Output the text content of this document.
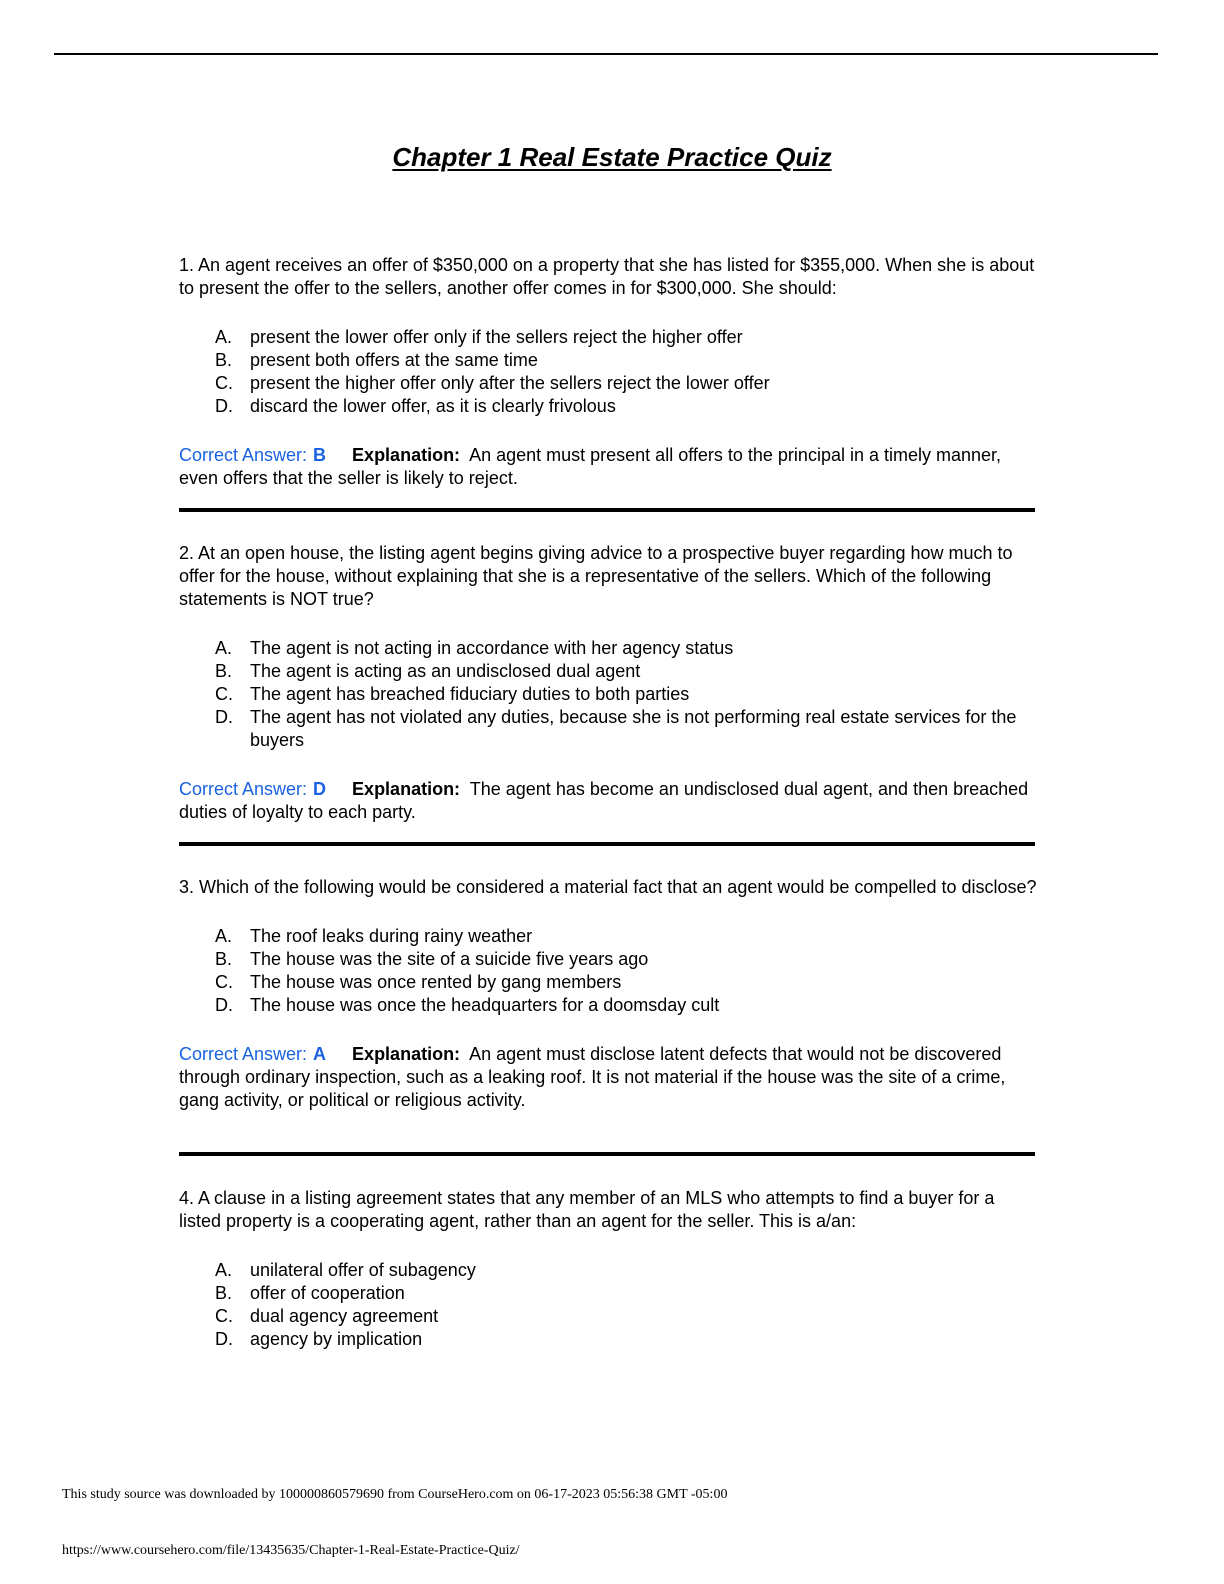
Chapter 1 Real Estate Practice Quiz

1. An agent receives an offer of $350,000 on a property that she has listed for $355,000. When she is about to present the offer to the sellers, another offer comes in for $300,000. She should:

A. present the lower offer only if the sellers reject the higher offer
B. present both offers at the same time
C. present the higher offer only after the sellers reject the lower offer
D. discard the lower offer, as it is clearly frivolous
Correct Answer: B Explanation: An agent must present all offers to the principal in a timely manner, even offers that the seller is likely to reject.

2. At an open house, the listing agent begins giving advice to a prospective buyer regarding how much to offer for the house, without explaining that she is a representative of the sellers. Which of the following statements is NOT true?

A. The agent is not acting in accordance with her agency status
B. The agent is acting as an undisclosed dual agent
C. The agent has breached fiduciary duties to both parties
D. The agent has not violated any duties, because she is not performing real estate services for the buyers
Correct Answer: D Explanation: The agent has become an undisclosed dual agent, and then breached duties of loyalty to each party.

3. Which of the following would be considered a material fact that an agent would be compelled to disclose?

A. The roof leaks during rainy weather
B. The house was the site of a suicide five years ago
C. The house was once rented by gang members
D. The house was once the headquarters for a doomsday cult
Correct Answer: A Explanation: An agent must disclose latent defects that would not be discovered through ordinary inspection, such as a leaking roof. It is not material if the house was the site of a crime, gang activity, or political or religious activity.

4. A clause in a listing agreement states that any member of an MLS who attempts to find a buyer for a listed property is a cooperating agent, rather than an agent for the seller. This is a/an:

A. unilateral offer of subagency
B. offer of cooperation
C. dual agency agreement
D. agency by implication
This study source was downloaded by 100000860579690 from CourseHero.com on 06-17-2023 05:56:38 GMT -05:00
https://www.coursehero.com/file/13435635/Chapter-1-Real-Estate-Practice-Quiz/
